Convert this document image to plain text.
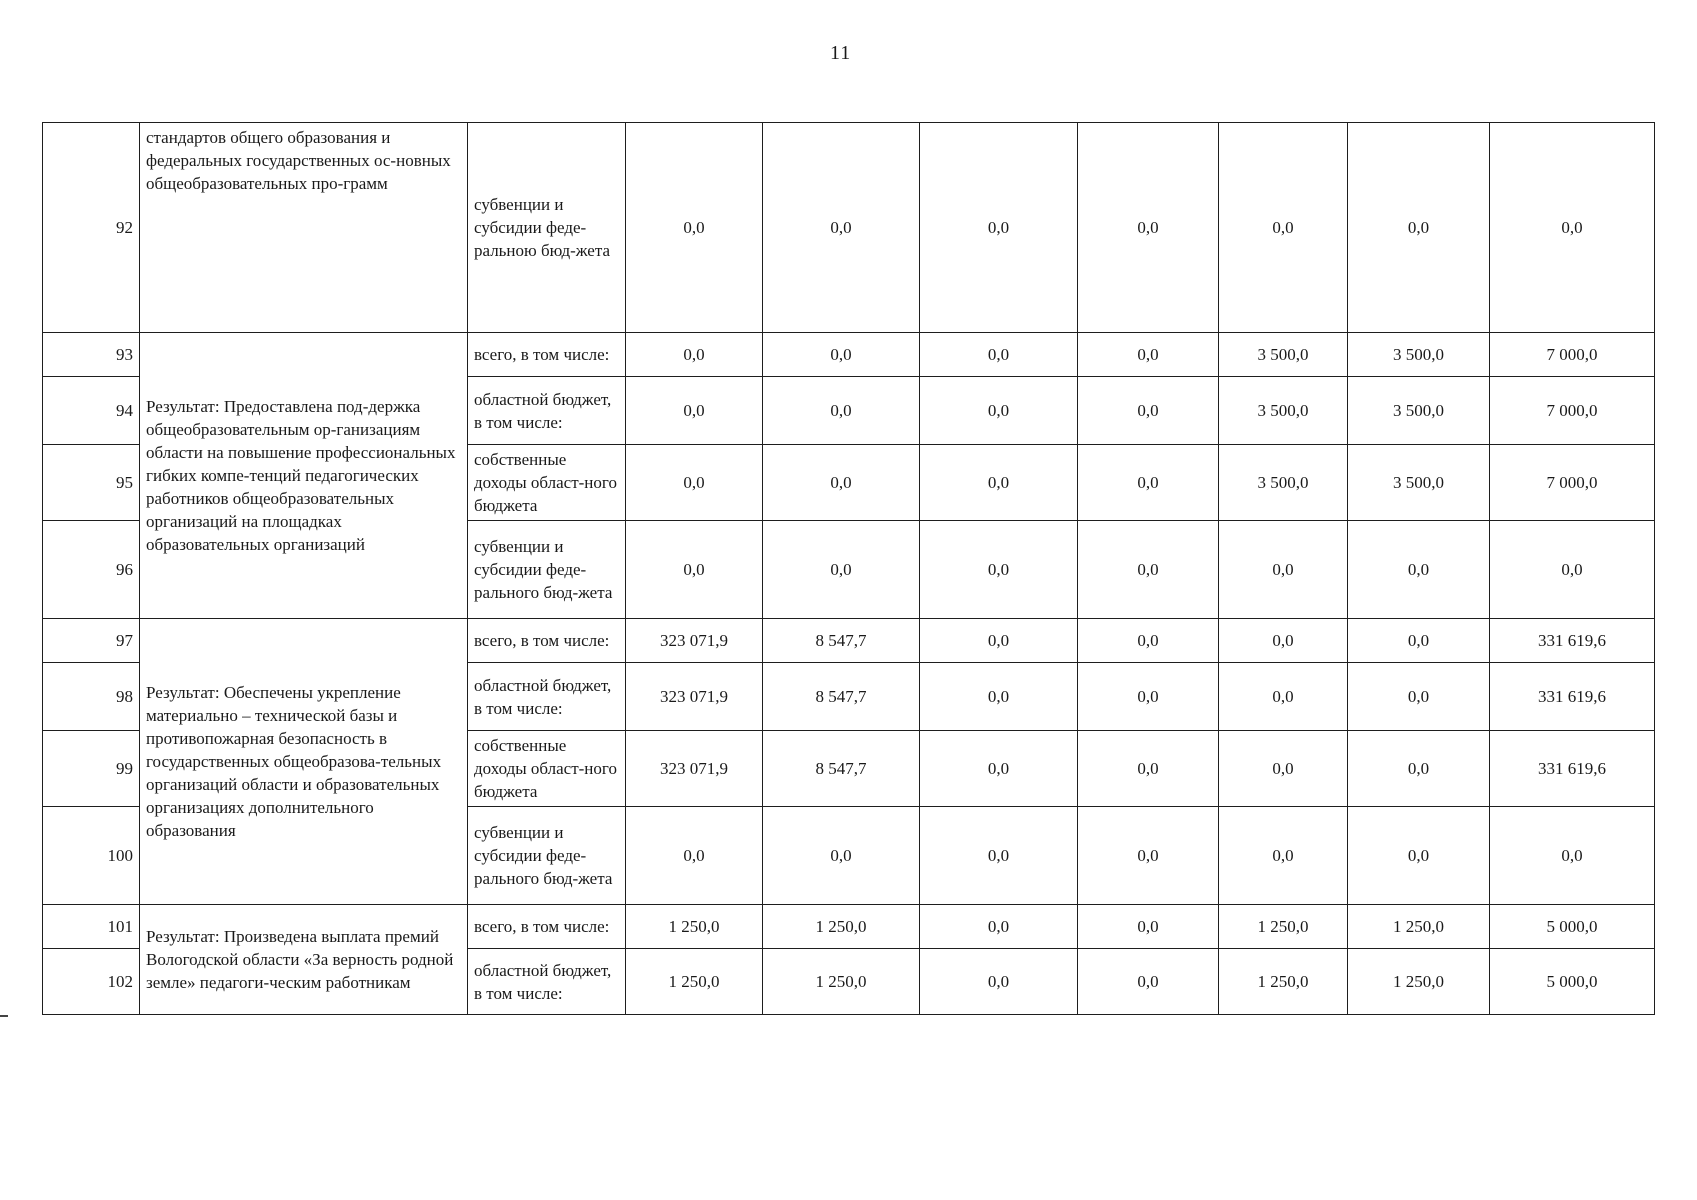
11
92	стандартов общего образования и федеральных государственных ос-новных общеобразовательных про-грамм	субвенции и субсидии феде-ральною бюд-жета	0,0	0,0	0,0	0,0	0,0	0,0	0,0
93	Результат: Предоставлена под-держка общеобразовательным ор-ганизациям области на повышение профессиональных гибких компе-тенций педагогических работников общеобразовательных организаций на площадках образовательных организаций	всего, в том числе:	0,0	0,0	0,0	0,0	3 500,0	3 500,0	7 000,0
94		областной бюджет, в том числе:	0,0	0,0	0,0	0,0	3 500,0	3 500,0	7 000,0
95		собственные доходы област-ного бюджета	0,0	0,0	0,0	0,0	3 500,0	3 500,0	7 000,0
96		субвенции и субсидии феде-рального бюд-жета	0,0	0,0	0,0	0,0	0,0	0,0	0,0
97	Результат: Обеспечены укрепление материально – технической базы и противопожарная безопасность в государственных общеобразова-тельных организаций области и образовательных организациях дополнительного образования	всего, в том числе:	323 071,9	8 547,7	0,0	0,0	0,0	0,0	331 619,6
98		областной бюджет, в том числе:	323 071,9	8 547,7	0,0	0,0	0,0	0,0	331 619,6
99		собственные доходы област-ного бюджета	323 071,9	8 547,7	0,0	0,0	0,0	0,0	331 619,6
100		субвенции и субсидии феде-рального бюд-жета	0,0	0,0	0,0	0,0	0,0	0,0	0,0
101	Результат: Произведена выплата премий Вологодской области «За верность родной земле» педагоги-ческим работникам	всего, в том числе:	1 250,0	1 250,0	0,0	0,0	1 250,0	1 250,0	5 000,0
102		областной бюджет, в том числе:	1 250,0	1 250,0	0,0	0,0	1 250,0	1 250,0	5 000,0
